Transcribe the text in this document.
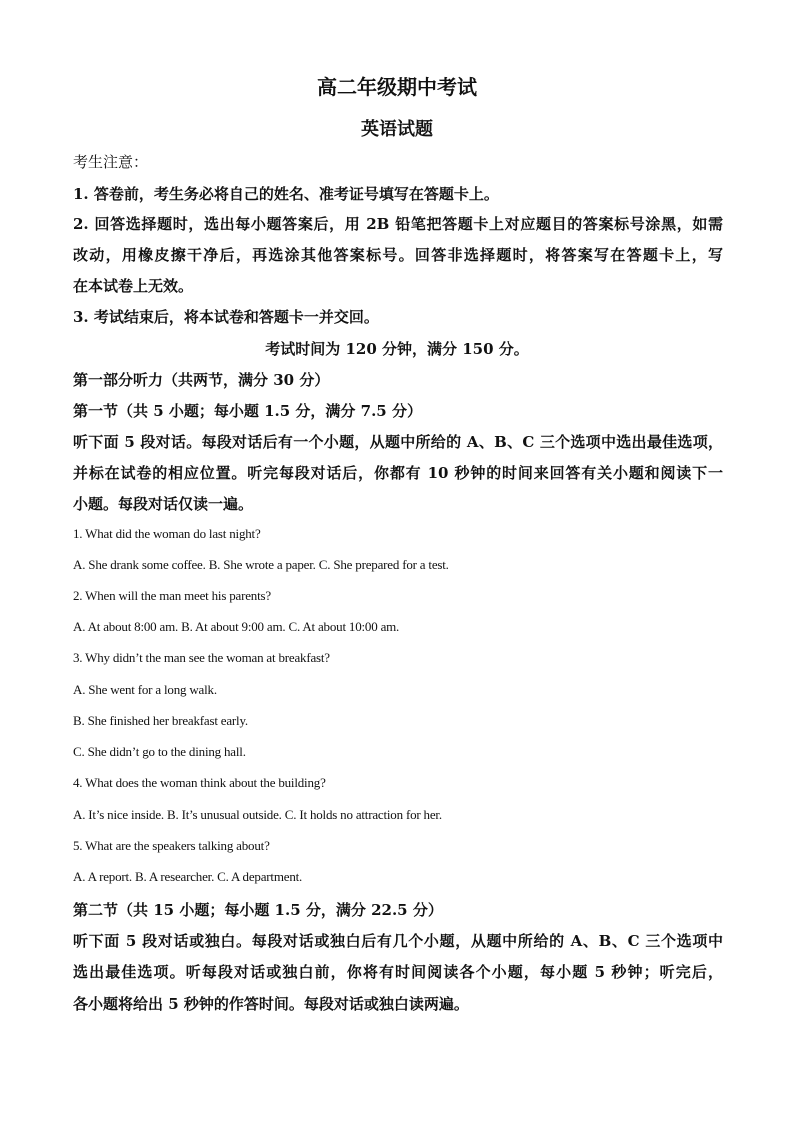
高二年级期中考试
英语试题
考生注意：
1. 答卷前，考生务必将自己的姓名、准考证号填写在答题卡上。
2. 回答选择题时，选出每小题答案后，用 2B 铅笔把答题卡上对应题目的答案标号涂黑，如需
改动，用橡皮擦干净后，再选涂其他答案标号。回答非选择题时，将答案写在答题卡上，写
在本试卷上无效。
3. 考试结束后，将本试卷和答题卡一并交回。
考试时间为 120 分钟，满分 150 分。
第一部分听力（共两节，满分 30 分）
第一节（共 5 小题；每小题 1.5 分，满分 7.5 分）
听下面 5 段对话。每段对话后有一个小题，从题中所给的 A、B、C 三个选项中选出最佳选项，
并标在试卷的相应位置。听完每段对话后，你都有 10 秒钟的时间来回答有关小题和阅读下一
小题。每段对话仅读一遍。
1. What did the woman do last night?
A. She drank some coffee. B. She wrote a paper. C. She prepared for a test.
2. When will the man meet his parents?
A. At about 8:00 am. B. At about 9:00 am. C. At about 10:00 am.
3. Why didn’t the man see the woman at breakfast?
A. She went for a long walk.
B. She finished her breakfast early.
C. She didn’t go to the dining hall.
4. What does the woman think about the building?
A. It’s nice inside. B. It’s unusual outside. C. It holds no attraction for her.
5. What are the speakers talking about?
A. A report. B. A researcher. C. A department.
第二节（共 15 小题；每小题 1.5 分，满分 22.5 分）
听下面 5 段对话或独白。每段对话或独白后有几个小题，从题中所给的 A、B、C 三个选项中
选出最佳选项。听每段对话或独白前，你将有时间阅读各个小题，每小题 5 秒钟；听完后，
各小题将给出 5 秒钟的作答时间。每段对话或独白读两遍。
